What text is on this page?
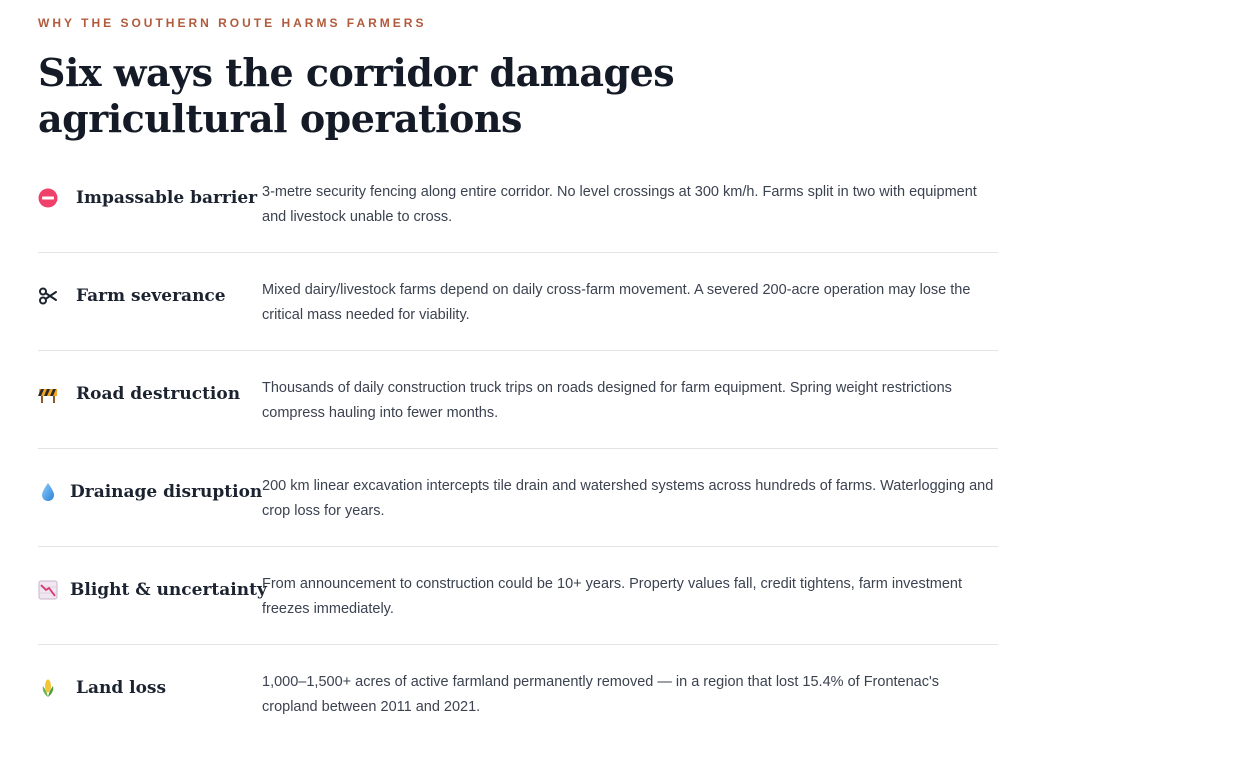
WHY THE SOUTHERN ROUTE HARMS FARMERS
Six ways the corridor damages agricultural operations
Impassable barrier 3-metre security fencing along entire corridor. No level crossings at 300 km/h. Farms split in two with equipment and livestock unable to cross.
Farm severance	Mixed dairy/livestock farms depend on daily cross-farm movement. A severed 200-acre operation may lose the critical mass needed for viability.
Road destruction Thousands of daily construction truck trips on roads designed for farm equipment. Spring weight restrictions compress hauling into fewer months.
Drainage disruption 200 km linear excavation intercepts tile drain and watershed systems across hundreds of farms. Waterlogging and crop loss for years.
Blight & uncertainty
From announcement to construction could be 10+ years. Property values fall, credit tightens, farm investment freezes immediately.
Land loss	1,000–1,500+ acres of active farmland permanently removed — in a region that lost 15.4% of Frontenac's cropland between 2011 and 2021.
